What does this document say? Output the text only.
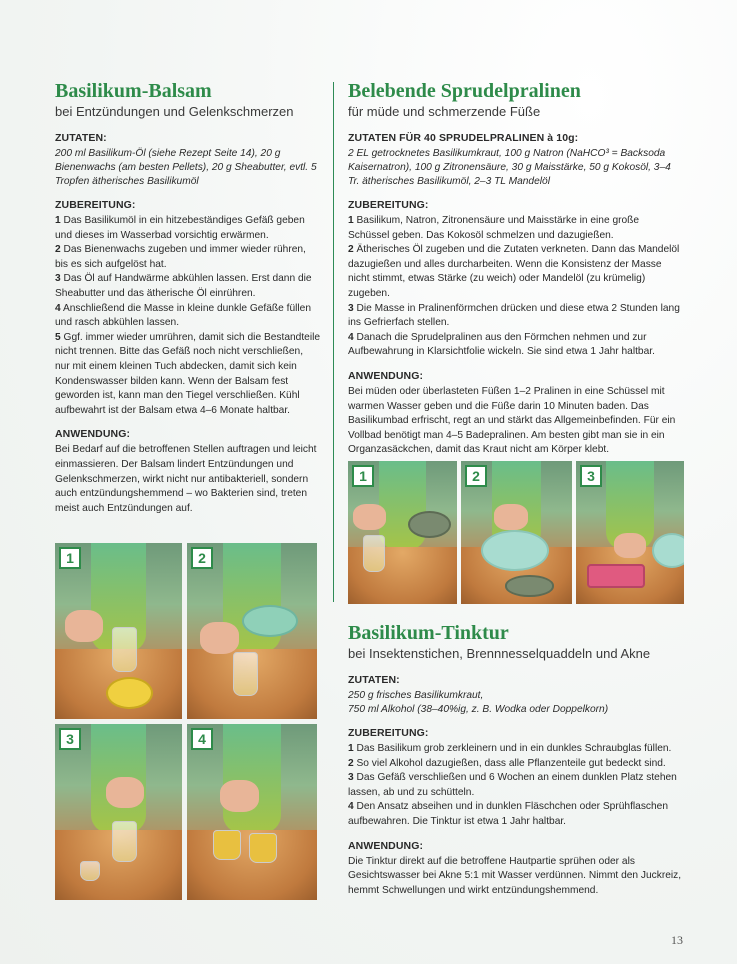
Basilikum-Balsam
bei Entzündungen und Gelenkschmerzen
ZUTATEN:

200 ml Basilikum-Öl (siehe Rezept Seite 14), 20 g Bienenwachs (am besten Pellets), 20 g Sheabutter, evtl. 5 Tropfen ätherisches Basilikumöl

ZUBEREITUNG:
1 Das Basilikumöl in ein hitzebeständiges Gefäß geben und dieses im Wasserbad vorsichtig erwärmen.
2 Das Bienenwachs zugeben und immer wieder rühren, bis es sich aufgelöst hat.
3 Das Öl auf Handwärme abkühlen lassen. Erst dann die Sheabutter und das ätherische Öl einrühren.
4 Anschließend die Masse in kleine dunkle Gefäße füllen und rasch abkühlen lassen.
5 Ggf. immer wieder umrühren, damit sich die Bestandteile nicht trennen. Bitte das Gefäß noch nicht verschließen, nur mit einem kleinen Tuch abdecken, damit sich kein Kondenswasser bilden kann. Wenn der Balsam fest geworden ist, kann man den Tiegel verschließen. Kühl aufbewahrt ist der Balsam etwa 4–6 Monate haltbar.
ANWENDUNG:

Bei Bedarf auf die betroffenen Stellen auftragen und leicht einmassieren. Der Balsam lindert Entzündungen und Gelenkschmerzen, wirkt nicht nur antibakteriell, sondern auch entzündungshemmend – wo Bakterien sind, treten meist auch Entzündungen auf.

1	2
3	4
Belebende Sprudelpralinen
für müde und schmerzende Füße
ZUTATEN FÜR 40 SPRUDELPRALINEN à 10g:

2 EL getrocknetes Basilikumkraut, 100 g Natron (NaHCO³ = Backsoda Kaisernatron), 100 g Zitronensäure, 30 g Maisstärke, 50 g Kokosöl, 3–4 Tr. ätherisches Basilikumöl, 2–3 TL Mandelöl

ZUBEREITUNG:
1 Basilikum, Natron, Zitronensäure und Maisstärke in eine große Schüssel geben. Das Kokosöl schmelzen und dazugießen.
2 Ätherisches Öl zugeben und die Zutaten verkneten. Dann das Mandelöl dazugießen und alles durcharbeiten. Wenn die Konsistenz der Masse nicht stimmt, etwas Stärke (zu weich) oder Mandelöl (zu krümelig) zugeben.
3 Die Masse in Pralinenförmchen drücken und diese etwa 2 Stunden lang ins Gefrierfach stellen.
4 Danach die Sprudelpralinen aus den Förmchen nehmen und zur Aufbewahrung in Klarsichtfolie wickeln. Sie sind etwa 1 Jahr haltbar.
ANWENDUNG:

Bei müden oder überlasteten Füßen 1–2 Pralinen in eine Schüssel mit warmen Wasser geben und die Füße darin 10 Minuten baden. Das Basilikumbad erfrischt, regt an und stärkt das Allgemeinbefinden. Für ein Vollbad benötigt man 4–5 Badepralinen. Am besten gibt man sie in ein Organzasäckchen, damit das Kraut nicht am Körper klebt.

1	2	3
Basilikum-Tinktur
bei Insektenstichen, Brennnesselquaddeln und Akne
ZUTATEN:

250 g frisches Basilikumkraut,
750 ml Alkohol (38–40%ig, z. B. Wodka oder Doppelkorn)

ZUBEREITUNG:
1 Das Basilikum grob zerkleinern und in ein dunkles Schraubglas füllen.
2 So viel Alkohol dazugießen, dass alle Pflanzenteile gut bedeckt sind.
3 Das Gefäß verschließen und 6 Wochen an einem dunklen Platz stehen lassen, ab und zu schütteln.
4 Den Ansatz abseihen und in dunklen Fläschchen oder Sprühflaschen aufbewahren. Die Tinktur ist etwa 1 Jahr haltbar.
ANWENDUNG:

Die Tinktur direkt auf die betroffene Hautpartie sprühen oder als Gesichtswasser bei Akne 5:1 mit Wasser verdünnen. Nimmt den Juckreiz, hemmt Schwellungen und wirkt entzündungshemmend.

13
